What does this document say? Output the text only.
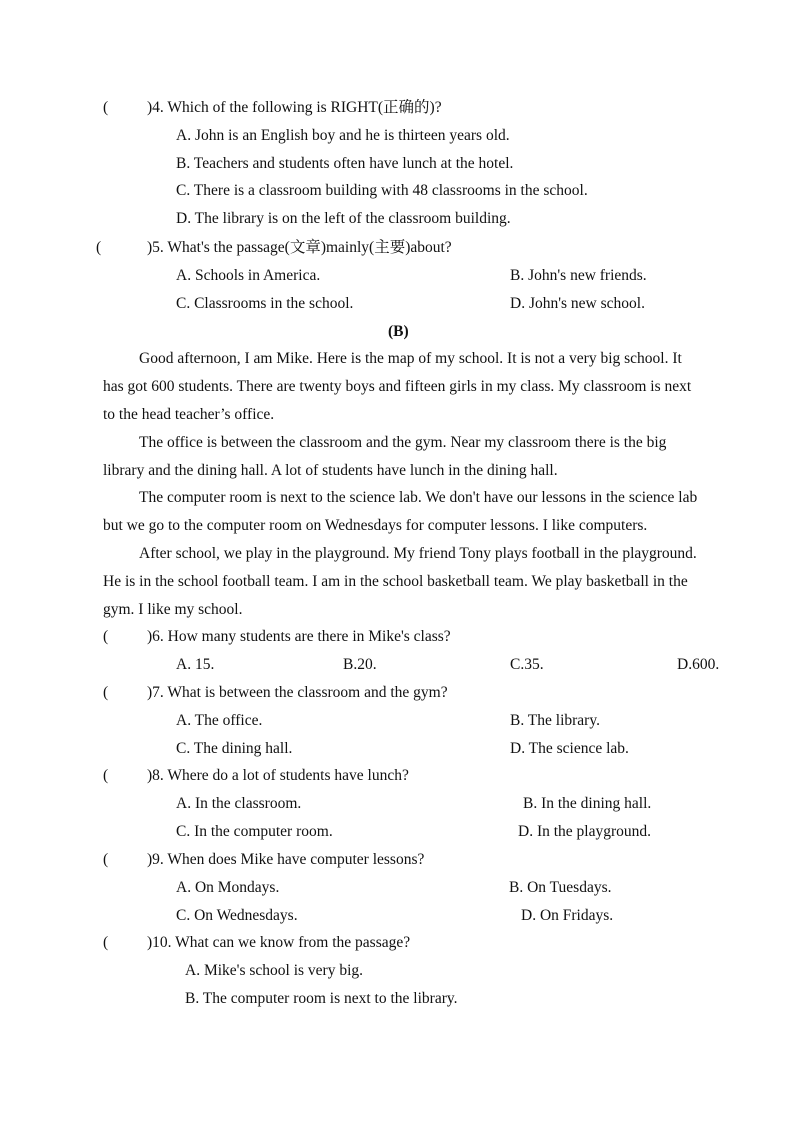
(	)4. Which of the following is RIGHT(正确的)?
A. John is an English boy and he is thirteen years old.
B. Teachers and students often have lunch at the hotel.
C. There is a classroom building with 48 classrooms in the school.
D. The library is on the left of the classroom building.
(	)5. What's the passage(文章)mainly(主要)about?
A. Schools in America.	B. John's new friends.
C. Classrooms in the school.	D. John's new school.
(B)
Good afternoon, I am Mike. Here is the map of my school. It is not a very big school. It
has got 600 students. There are twenty boys and fifteen girls in my class. My classroom is next
to the head teacher’s office.
The office is between the classroom and the gym. Near my classroom there is the big
library and the dining hall. A lot of students have lunch in the dining hall.
The computer room is next to the science lab. We don't have our lessons in the science lab
but we go to the computer room on Wednesdays for computer lessons. I like computers.
After school, we play in the playground. My friend Tony plays football in the playground.
He is in the school football team. I am in the school basketball team. We play basketball in the
gym. I like my school.
(	)6. How many students are there in Mike's class?
A. 15.	B.20.	C.35.	D.600.
(	)7. What is between the classroom and the gym?
A. The office.	B. The library.
C. The dining hall.	D. The science lab.
(	)8. Where do a lot of students have lunch?
A. In the classroom.	B. In the dining hall.
C. In the computer room.	D. In the playground.
(	)9. When does Mike have computer lessons?
A. On Mondays.	B. On Tuesdays.
C. On Wednesdays.	D. On Fridays.
(	)10. What can we know from the passage?
A. Mike's school is very big.
B. The computer room is next to the library.
